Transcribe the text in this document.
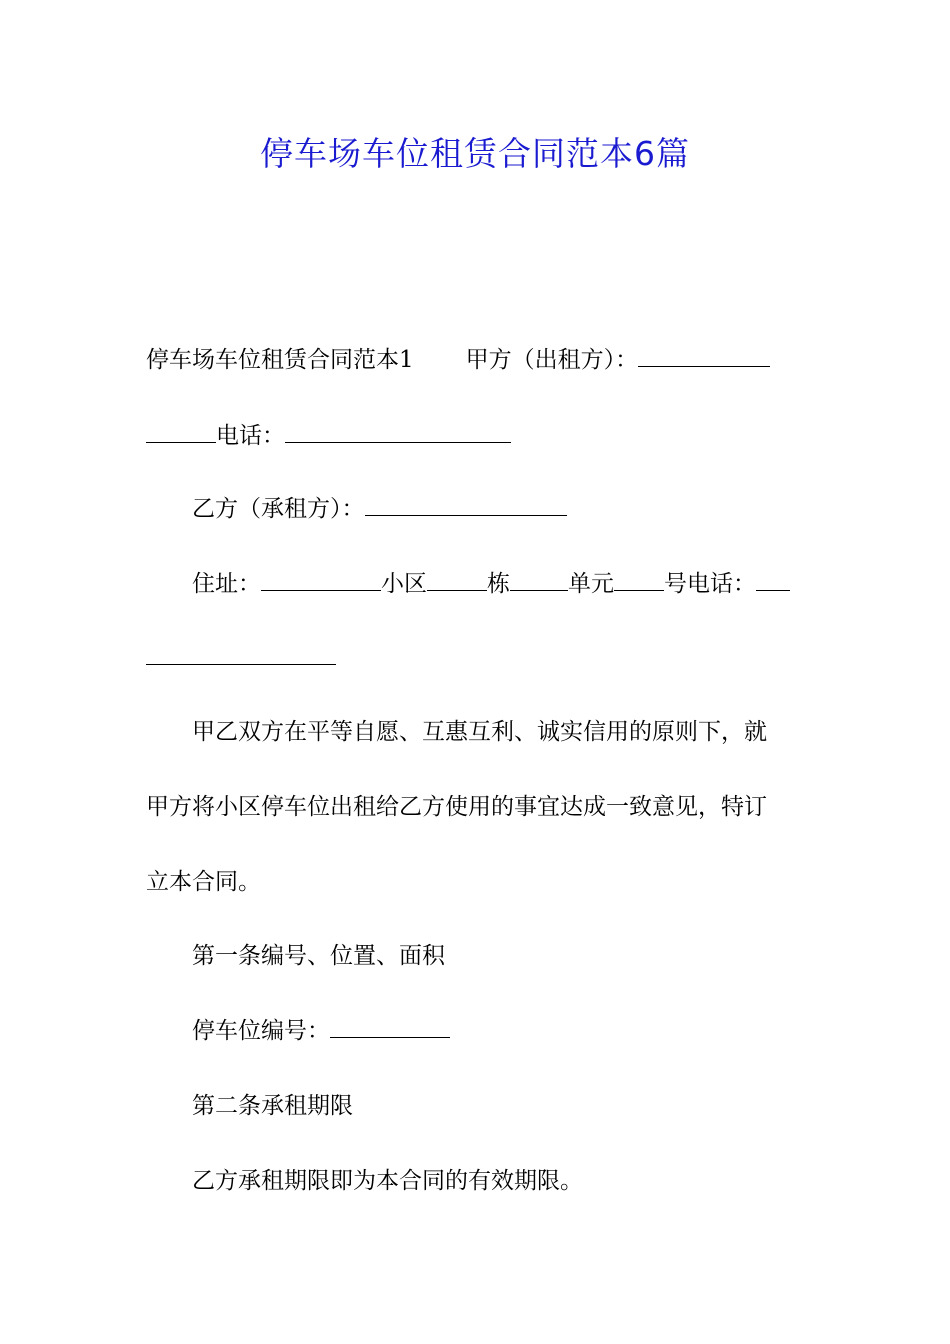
停车场车位租赁合同范本6篇
停车场车位租赁合同范本1 甲方（出租方）：
电话：
乙方（承租方）：
住址：	小区	栋	单元 号电话：
甲乙双方在平等自愿、互惠互利、诚实信用的原则下，就
甲方将小区停车位出租给乙方使用的事宜达成一致意见，特订
立本合同。
第一条编号、位置、面积
停车位编号：
第二条承租期限
乙方承租期限即为本合同的有效期限。
